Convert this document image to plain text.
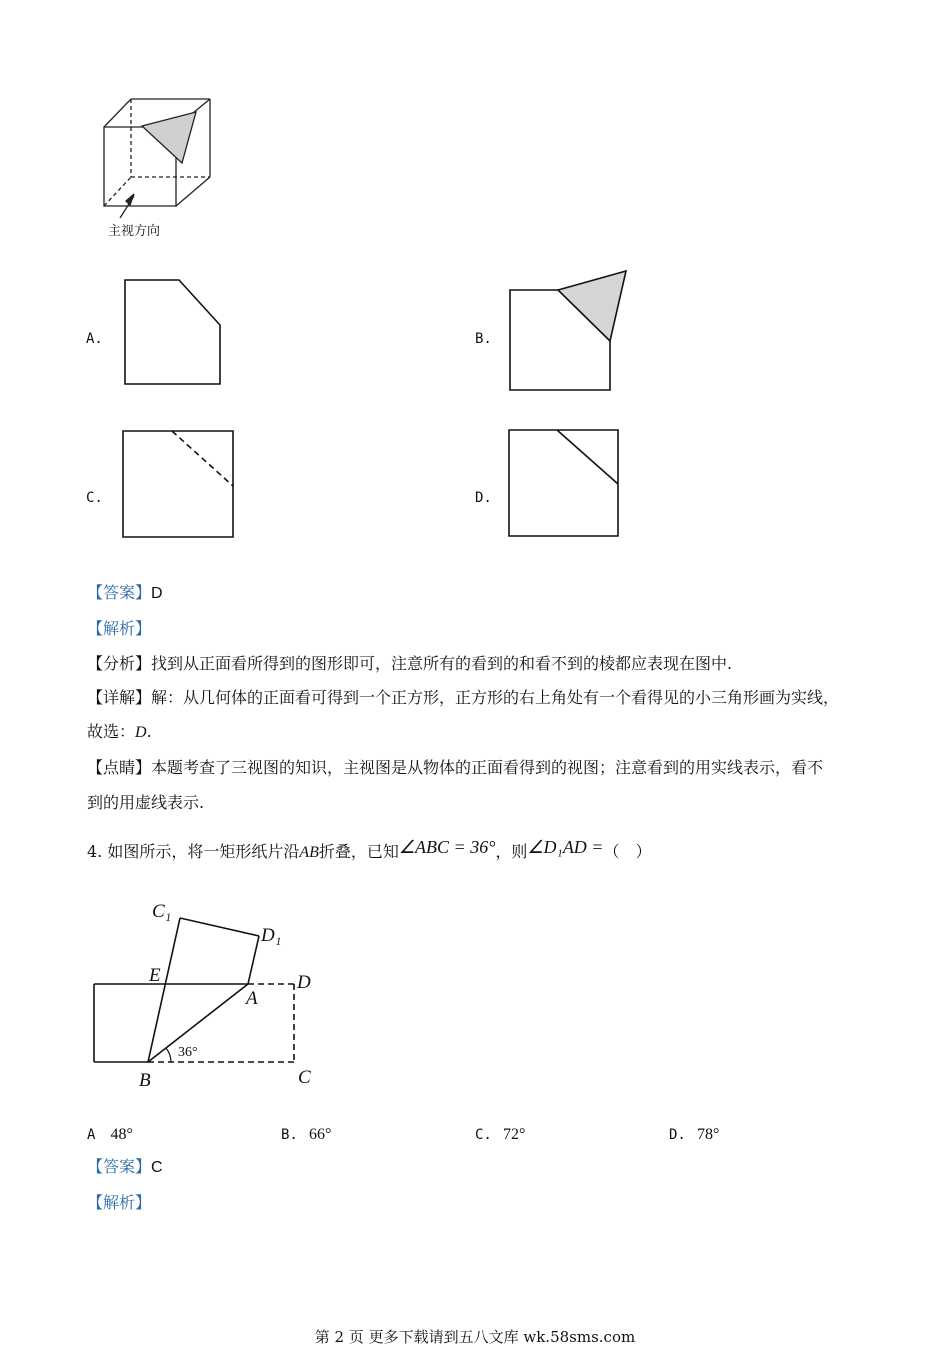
主视方向
A.	B.
C.	D.
【答案】D
【解析】
【分析】找到从正面看所得到的图形即可，注意所有的看到的和看不到的棱都应表现在图中.
【详解】解：从几何体的正面看可得到一个正方形，正方形的右上角处有一个看得见的小三角形画为实线，
故选：D.
【点睛】本题考查了三视图的知识，主视图是从物体的正面看得到的视图；注意看到的用实线表示，看不
到的用虚线表示.
4. 如图所示，将一矩形纸片沿AB折叠，已知∠ABC = 36°，则∠D₁AD =（　）
C₁
D₁
E
A
D
B	C
36°
A 48°	B. 66°	C. 72°	D. 78°
【答案】C
【解析】
第 2 页 更多下载请到五八文库 wk.58sms.com
